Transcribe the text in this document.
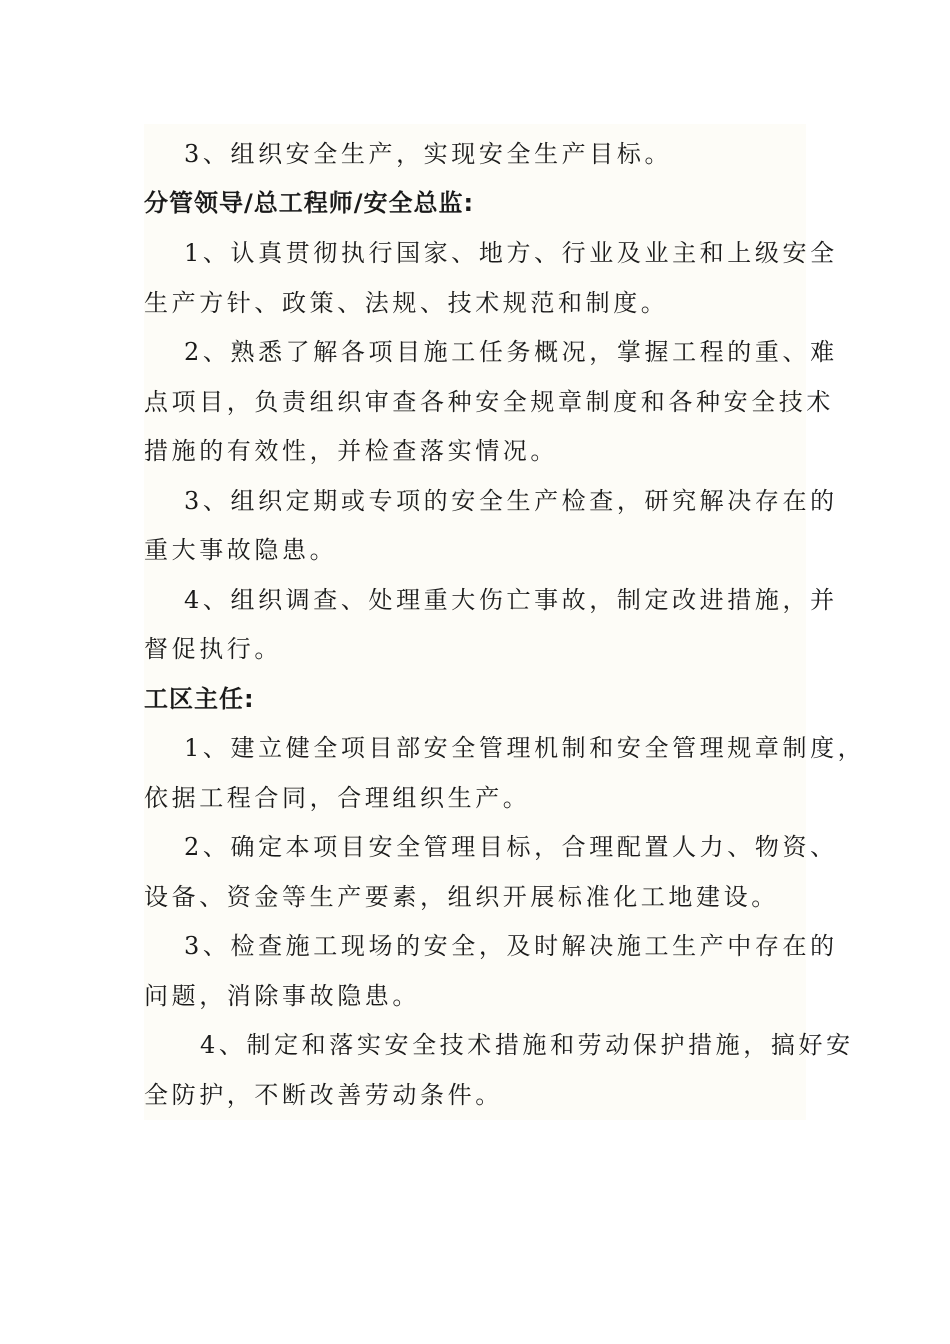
3、组织安全生产，实现安全生产目标。
分管领导/总工程师/安全总监:
1、认真贯彻执行国家、地方、行业及业主和上级安全
生产方针、政策、法规、技术规范和制度。
2、熟悉了解各项目施工任务概况，掌握工程的重、难
点项目，负责组织审查各种安全规章制度和各种安全技术
措施的有效性，并检查落实情况。
3、组织定期或专项的安全生产检查，研究解决存在的
重大事故隐患。
4、组织调查、处理重大伤亡事故，制定改进措施，并
督促执行。
工区主任:
1、建立健全项目部安全管理机制和安全管理规章制度，
依据工程合同，合理组织生产。
2、确定本项目安全管理目标，合理配置人力、物资、
设备、资金等生产要素，组织开展标准化工地建设。
3、检查施工现场的安全，及时解决施工生产中存在的
问题，消除事故隐患。
4、制定和落实安全技术措施和劳动保护措施，搞好安
全防护，不断改善劳动条件。
